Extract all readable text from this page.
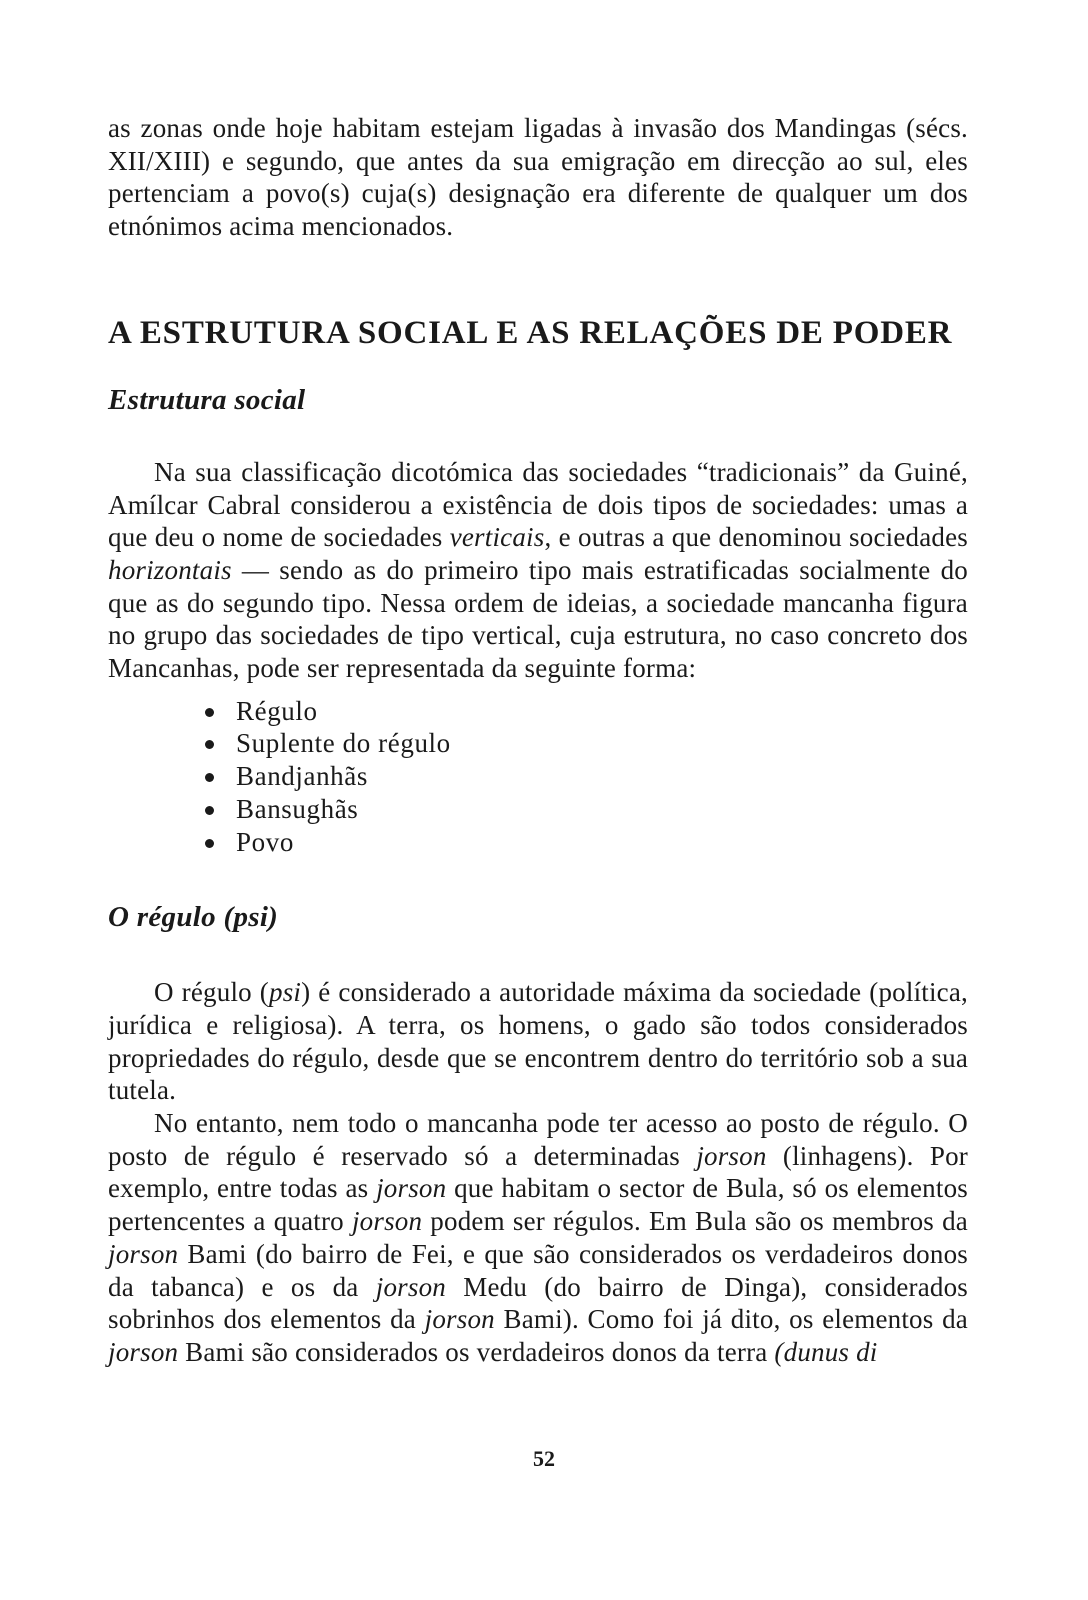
as zonas onde hoje habitam estejam ligadas à invasão dos Mandingas (sécs. XII/XIII) e segundo, que antes da sua emigração em direcção ao sul, eles pertenciam a povo(s) cuja(s) designação era diferente de qualquer um dos etnónimos acima mencionados.

A ESTRUTURA SOCIAL E AS RELAÇÕES DE PODER
Estrutura social

Na sua classificação dicotómica das sociedades “tradicionais” da Guiné, Amílcar Cabral considerou a existência de dois tipos de sociedades: umas a que deu o nome de sociedades verticais, e outras a que denominou sociedades horizontais — sendo as do primeiro tipo mais estratificadas socialmente do que as do segundo tipo. Nessa ordem de ideias, a sociedade mancanha figura no grupo das sociedades de tipo vertical, cuja estrutura, no caso concreto dos Mancanhas, pode ser representada da seguinte forma:

Régulo
Suplente do régulo
Bandjanhãs
Bansughãs
Povo
O régulo (psi)

O régulo (psi) é considerado a autoridade máxima da sociedade (política, jurídica e religiosa). A terra, os homens, o gado são todos considerados propriedades do régulo, desde que se encontrem dentro do território sob a sua tutela.

No entanto, nem todo o mancanha pode ter acesso ao posto de régulo. O posto de régulo é reservado só a determinadas jorson (linhagens). Por exemplo, entre todas as jorson que habitam o sector de Bula, só os elementos pertencentes a quatro jorson podem ser régulos. Em Bula são os membros da jorson Bami (do bairro de Fei, e que são considerados os verdadeiros donos da tabanca) e os da jorson Medu (do bairro de Dinga), considerados sobrinhos dos elementos da jorson Bami). Como foi já dito, os elementos da jorson Bami são considerados os verdadeiros donos da terra (dunus di

52
